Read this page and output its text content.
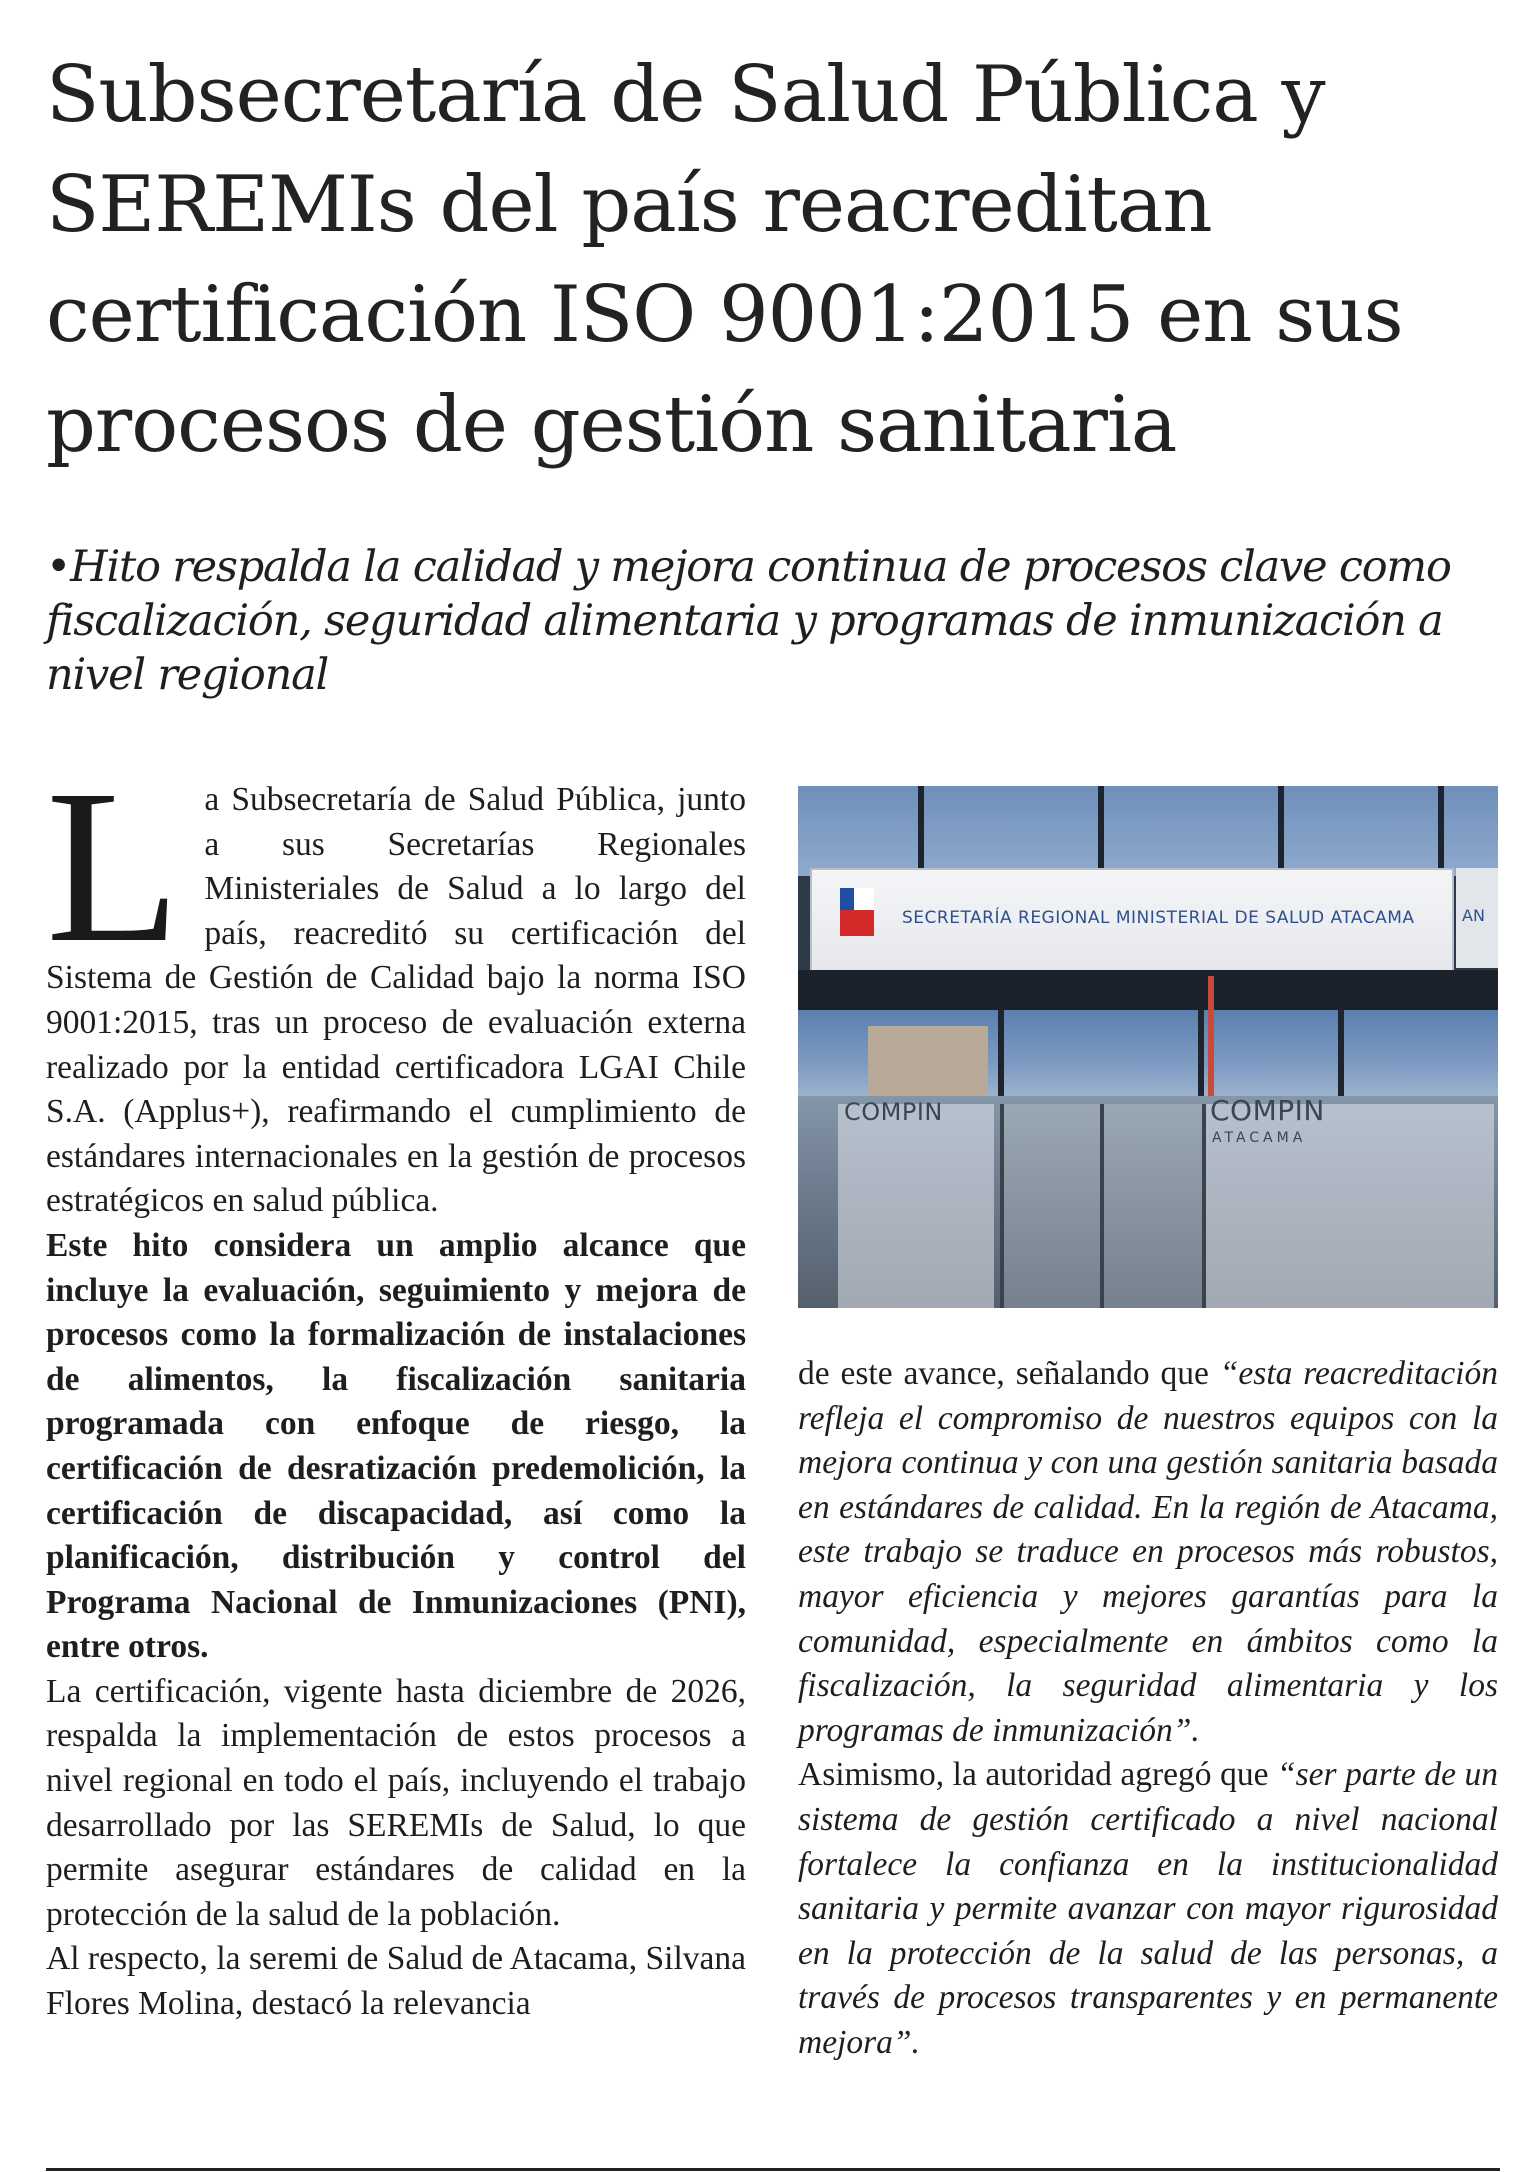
Subsecretaría de Salud Pública y SEREMIs del país reacreditan certificación ISO 9001:2015 en sus procesos de gestión sanitaria

•Hito respalda la calidad y mejora continua de procesos clave como fiscalización, seguridad alimentaria y programas de inmunización a nivel regional

La Subsecretaría de Salud Pública, junto a sus Secretarías Regionales Ministeriales de Salud a lo largo del país, reacreditó su certificación del Sistema de Gestión de Calidad bajo la norma ISO 9001:2015, tras un proceso de evaluación externa realizado por la entidad certificadora LGAI Chile S.A. (Applus+), reafirmando el cumplimiento de estándares internacionales en la gestión de procesos estratégicos en salud pública.

Este hito considera un amplio alcance que incluye la evaluación, seguimiento y mejora de procesos como la formalización de instalaciones de alimentos, la fiscalización sanitaria programada con enfoque de riesgo, la certificación de desratización predemolición, la certificación de discapacidad, así como la planificación, distribución y control del Programa Nacional de Inmunizaciones (PNI), entre otros.

La certificación, vigente hasta diciembre de 2026, respalda la implementación de estos procesos a nivel regional en todo el país, incluyendo el trabajo desarrollado por las SEREMIs de Salud, lo que permite asegurar estándares de calidad en la protección de la salud de la población.

Al respecto, la seremi de Salud de Atacama, Silvana Flores Molina, destacó la relevancia

SECRETARÍA REGIONAL MINISTERIAL DE SALUD ATACAMA	AN
COMPIN	COMPIN
ATACAMA

de este avance, señalando que “esta reacreditación refleja el compromiso de nuestros equipos con la mejora continua y con una gestión sanitaria basada en estándares de calidad. En la región de Atacama, este trabajo se traduce en procesos más robustos, mayor eficiencia y mejores garantías para la comunidad, especialmente en ámbitos como la fiscalización, la seguridad alimentaria y los programas de inmunización”.

Asimismo, la autoridad agregó que “ser parte de un sistema de gestión certificado a nivel nacional fortalece la confianza en la institucionalidad sanitaria y permite avanzar con mayor rigurosidad en la protección de la salud de las personas, a través de procesos transparentes y en permanente mejora”.
